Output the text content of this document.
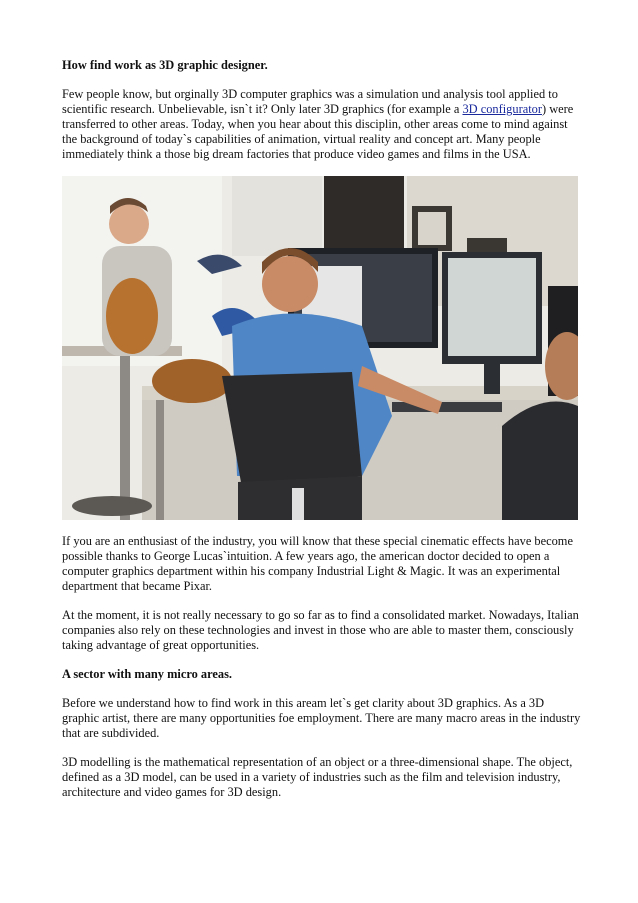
How find work as 3D graphic designer.

Few people know, but orginally 3D computer graphics was a simulation und analysis tool applied to scientific research. Unbelievable, isn`t it? Only later 3D graphics (for example a 3D configurator) were transferred to other areas. Today, when you hear about this disciplin, other areas come to mind against the background of today`s capabilities of animation, virtual reality and concept art. Many people immediately think a those big dream factories that produce video games and films in the USA.

If you are an enthusiast of the industry, you will know that these special cinematic effects have become possible thanks to George Lucas`intuition. A few years ago, the american doctor decided to open a computer graphics department within his company Industrial Light & Magic. It was an experimental department that became Pixar.

At the moment, it is not really necessary to go so far as to find a consolidated market. Nowadays, Italian companies also rely on these technologies and invest in those who are able to master them, consciously taking advantage of great opportunities.

A sector with many micro areas.

Before we understand how to find work in this aream let`s get clarity about 3D graphics. As a 3D graphic artist, there are many opportunities foe employment. There are many macro areas in the industry that are subdivided.

3D modelling is the mathematical representation of an object or a three-dimensional shape. The object, defined as a 3D model, can be used in a variety of industries such as the film and television industry, architecture and video games for 3D design.
